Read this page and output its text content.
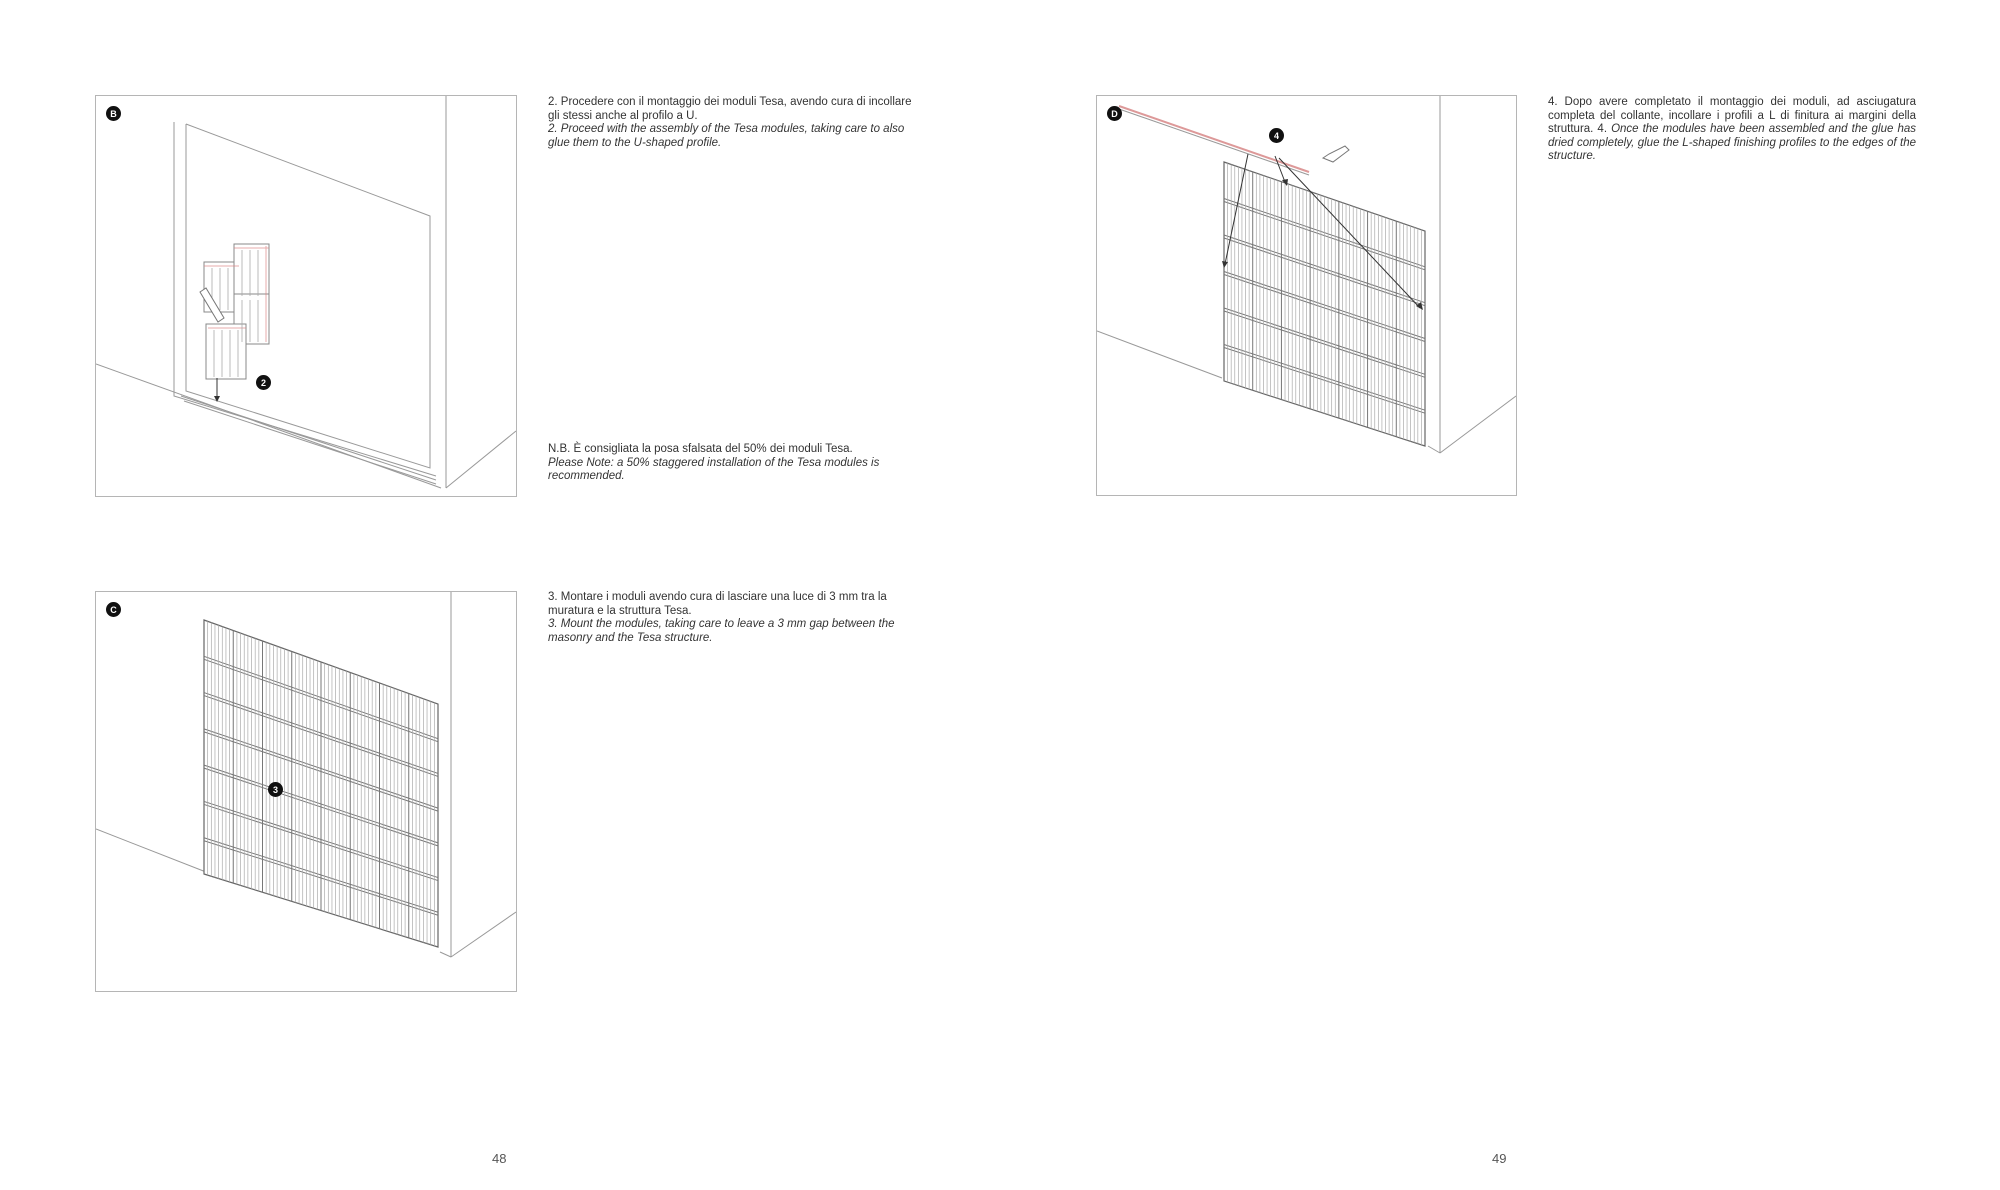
B
2

2. Procedere con il montaggio dei moduli Tesa, avendo cura di incollare gli stessi anche al profilo a U.

2. Proceed with the assembly of the Tesa modules, taking care to also glue them to the U-shaped profile.

N.B. È consigliata la posa sfalsata del 50% dei moduli Tesa.

Please Note: a 50% staggered installation of the Tesa modules is recommended.

C
3

3. Montare i moduli avendo cura di lasciare una luce di 3 mm tra la muratura e la struttura Tesa.

3. Mount the modules, taking care to leave a 3 mm gap between the masonry and the Tesa structure.

48
D
4
4. Dopo avere completato il montaggio dei moduli, ad asciugatura completa del collante, incollare i profili a L di finitura ai margini della struttura. 4. Once the modules have been assembled and the glue has dried completely, glue the L-shaped finishing profiles to the edges of the structure.
49
